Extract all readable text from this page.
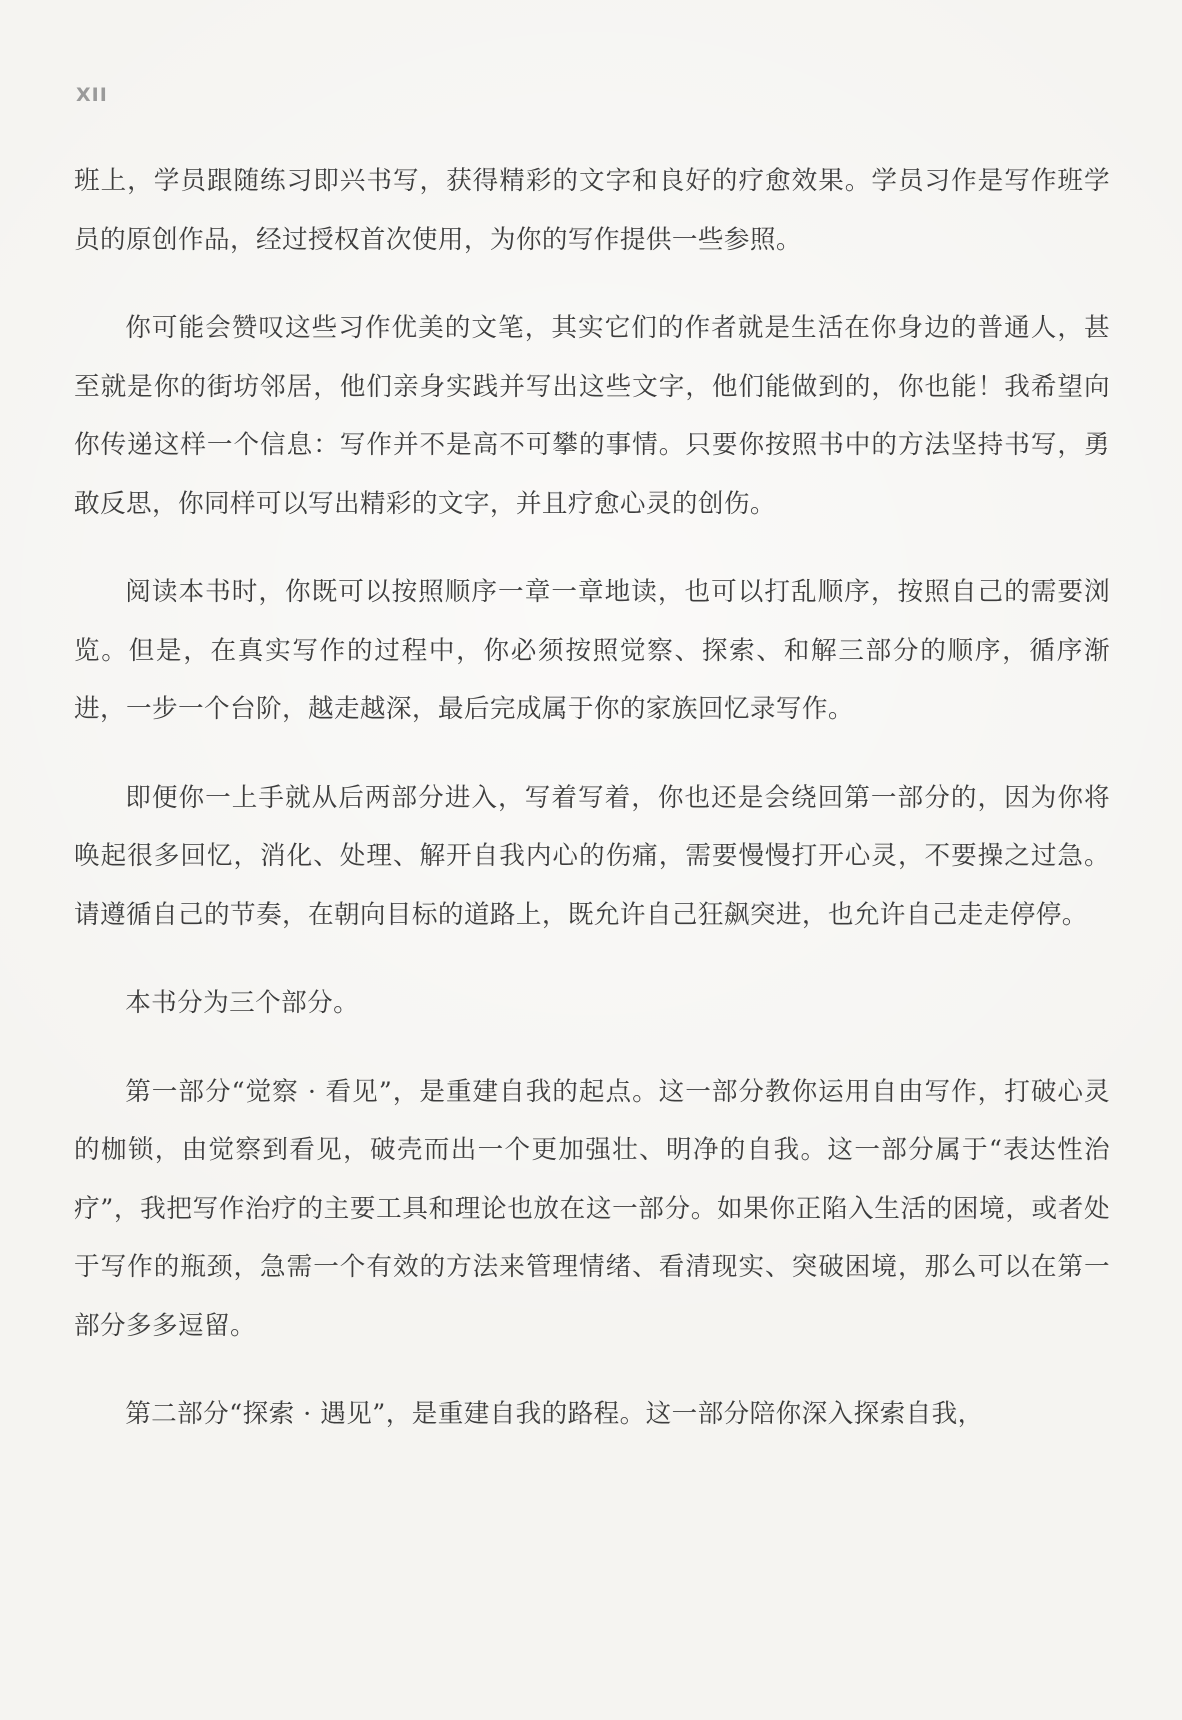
XII

班上，学员跟随练习即兴书写，获得精彩的文字和良好的疗愈效果。学员习作是写作班学员的原创作品，经过授权首次使用，为你的写作提供一些参照。

你可能会赞叹这些习作优美的文笔，其实它们的作者就是生活在你身边的普通人，甚至就是你的街坊邻居，他们亲身实践并写出这些文字，他们能做到的，你也能！我希望向你传递这样一个信息：写作并不是高不可攀的事情。只要你按照书中的方法坚持书写，勇敢反思，你同样可以写出精彩的文字，并且疗愈心灵的创伤。

阅读本书时，你既可以按照顺序一章一章地读，也可以打乱顺序，按照自己的需要浏览。但是，在真实写作的过程中，你必须按照觉察、探索、和解三部分的顺序，循序渐进，一步一个台阶，越走越深，最后完成属于你的家族回忆录写作。

即便你一上手就从后两部分进入，写着写着，你也还是会绕回第一部分的，因为你将唤起很多回忆，消化、处理、解开自我内心的伤痛，需要慢慢打开心灵，不要操之过急。请遵循自己的节奏，在朝向目标的道路上，既允许自己狂飙突进，也允许自己走走停停。

本书分为三个部分。

第一部分“觉察 · 看见”，是重建自我的起点。这一部分教你运用自由写作，打破心灵的枷锁，由觉察到看见，破壳而出一个更加强壮、明净的自我。这一部分属于“表达性治疗”，我把写作治疗的主要工具和理论也放在这一部分。如果你正陷入生活的困境，或者处于写作的瓶颈，急需一个有效的方法来管理情绪、看清现实、突破困境，那么可以在第一部分多多逗留。

第二部分“探索 · 遇见”，是重建自我的路程。这一部分陪你深入探索自我，
